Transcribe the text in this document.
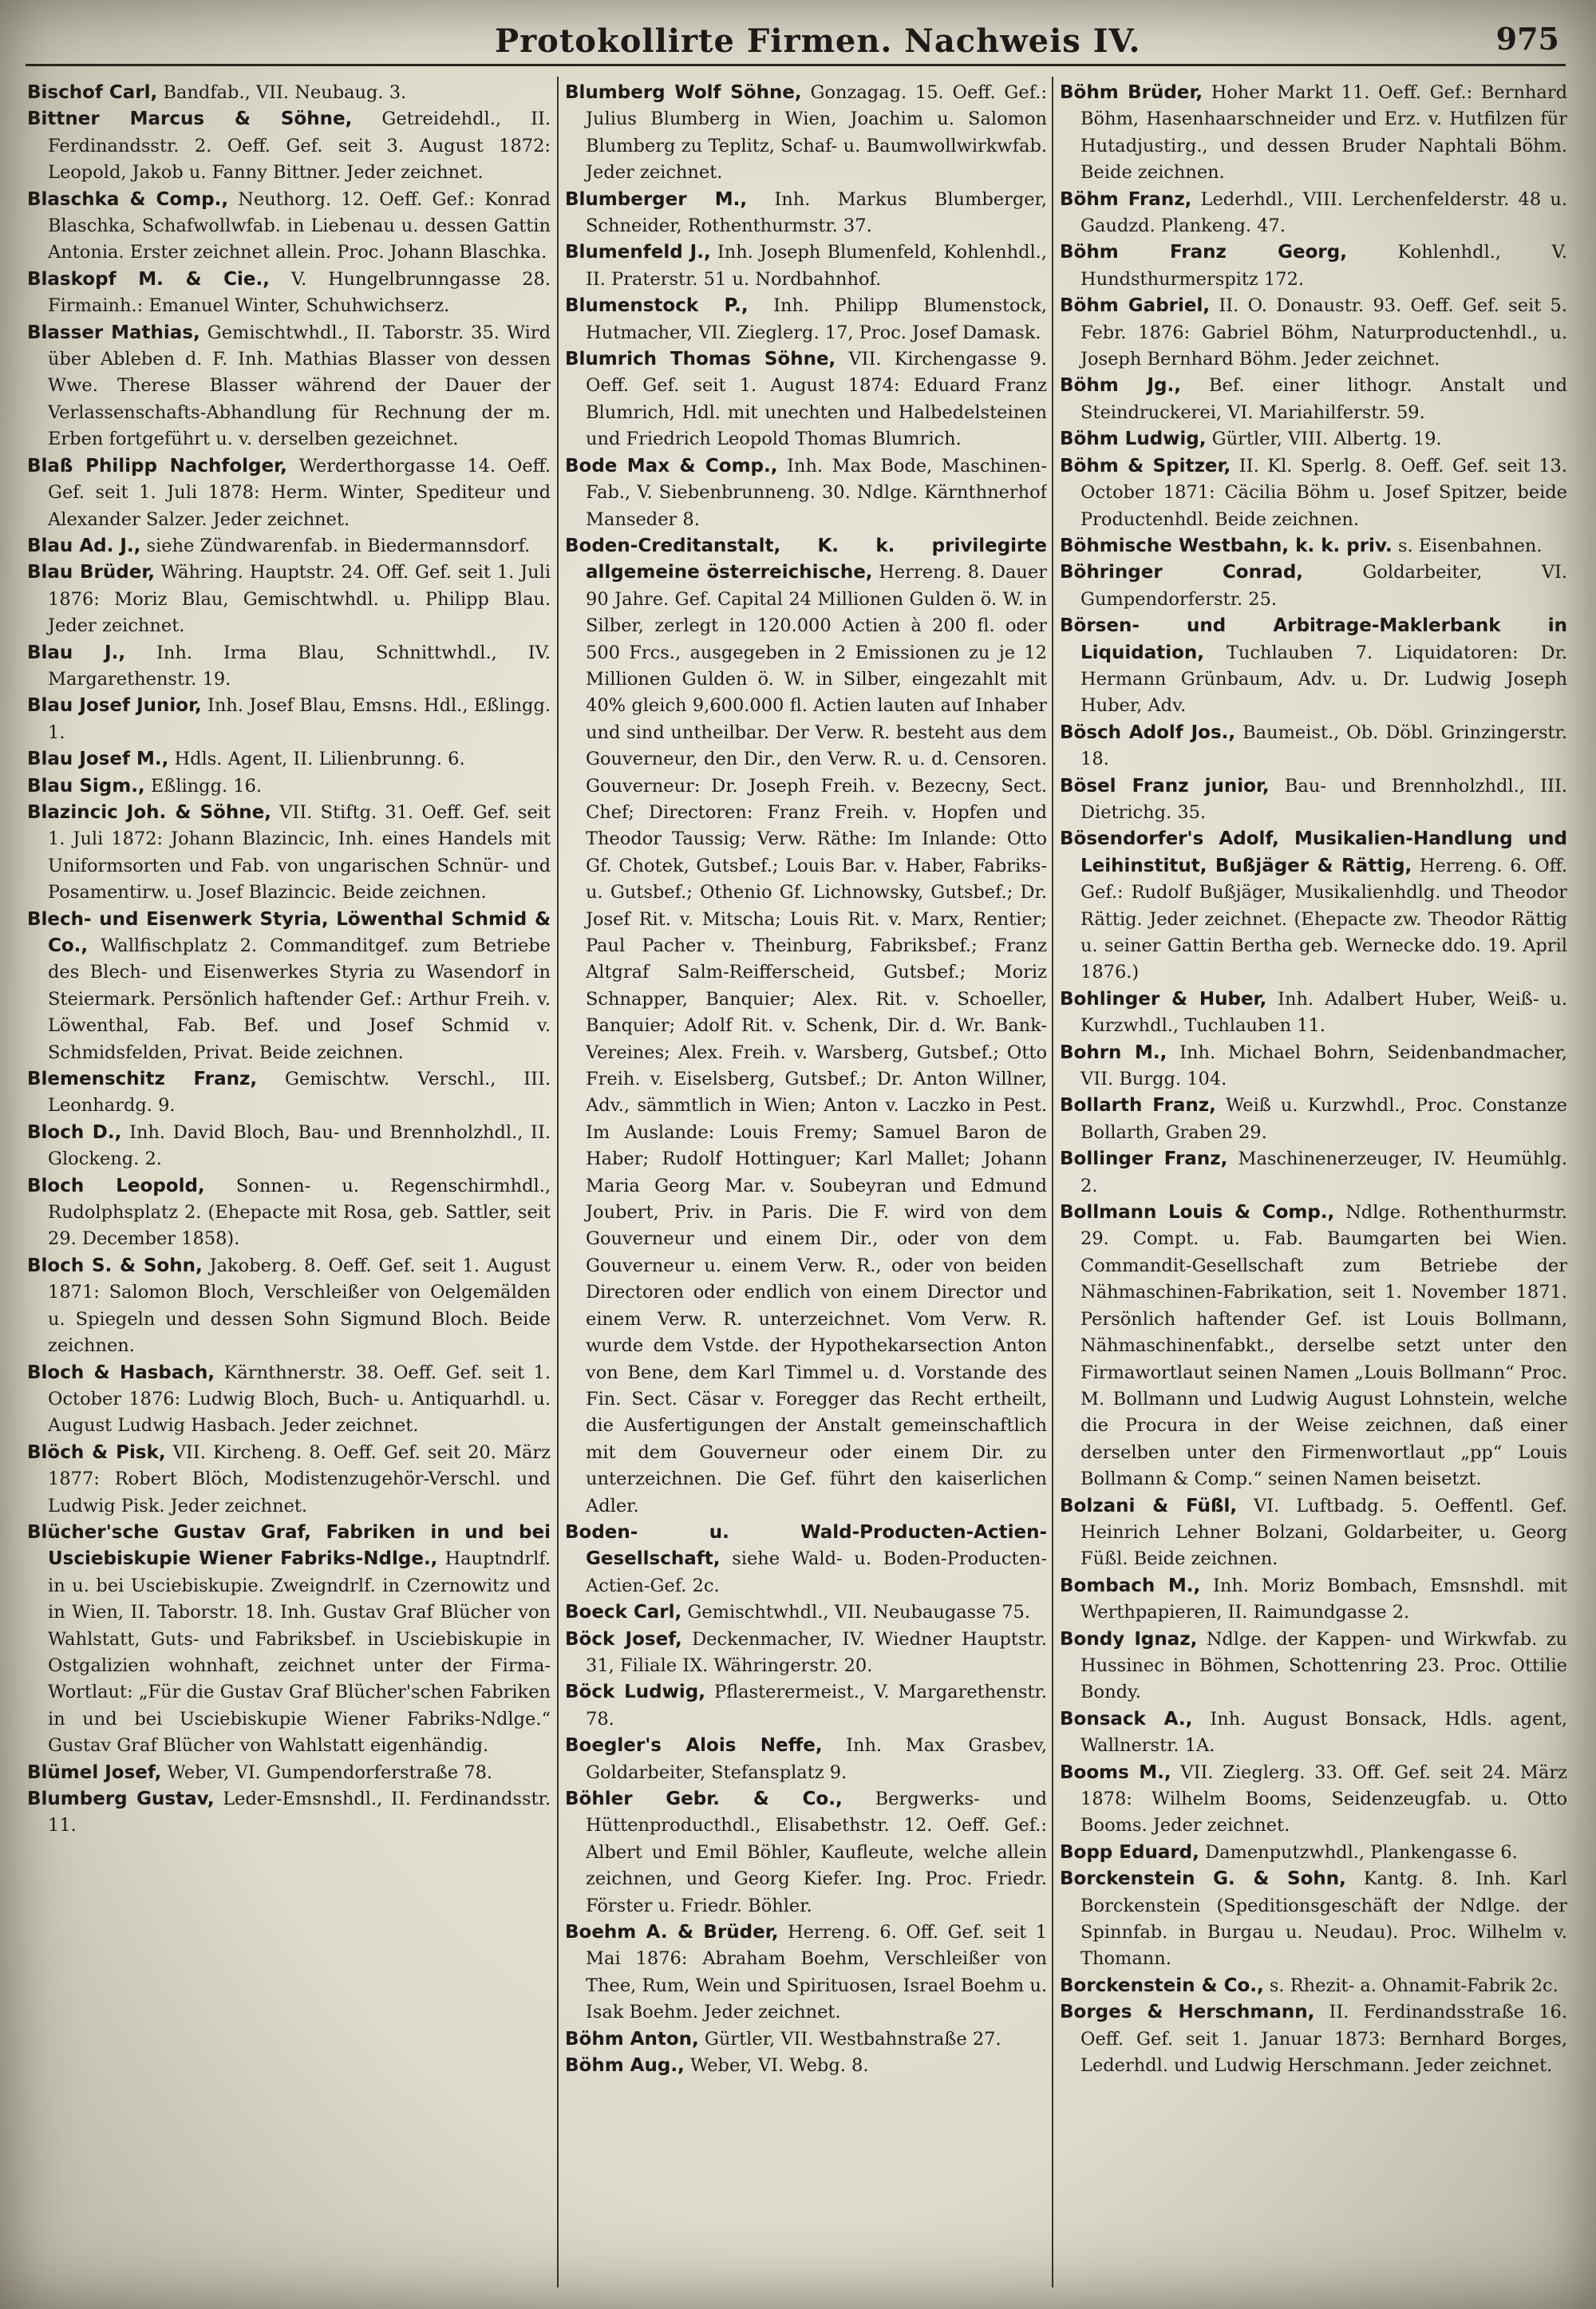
Protokollirte Firmen. Nachweis IV.	975

Bischof Carl, Bandfab., VII. Neubaug. 3.

Bittner Marcus & Söhne, Getreidehdl., II. Ferdinandsstr. 2. Oeff. Gef. seit 3. August 1872: Leopold, Jakob u. Fanny Bittner. Jeder zeichnet.

Blaschka & Comp., Neuthorg. 12. Oeff. Gef.: Konrad Blaschka, Schafwollwfab. in Liebenau u. dessen Gattin Antonia. Erster zeichnet allein. Proc. Johann Blaschka.

Blaskopf M. & Cie., V. Hungelbrunngasse 28. Firmainh.: Emanuel Winter, Schuhwichserz.

Blasser Mathias, Gemischtwhdl., II. Taborstr. 35. Wird über Ableben d. F. Inh. Mathias Blasser von dessen Wwe. Therese Blasser während der Dauer der Verlassenschafts-Abhandlung für Rechnung der m. Erben fortgeführt u. v. derselben gezeichnet.

Blaß Philipp Nachfolger, Werderthorgasse 14. Oeff. Gef. seit 1. Juli 1878: Herm. Winter, Spediteur und Alexander Salzer. Jeder zeichnet.

Blau Ad. J., siehe Zündwarenfab. in Biedermannsdorf.

Blau Brüder, Währing. Hauptstr. 24. Off. Gef. seit 1. Juli 1876: Moriz Blau, Gemischtwhdl. u. Philipp Blau. Jeder zeichnet.

Blau J., Inh. Irma Blau, Schnittwhdl., IV. Margarethenstr. 19.

Blau Josef Junior, Inh. Josef Blau, Emsns. Hdl., Eßlingg. 1.

Blau Josef M., Hdls. Agent, II. Lilienbrunng. 6.

Blau Sigm., Eßlingg. 16.

Blazincic Joh. & Söhne, VII. Stiftg. 31. Oeff. Gef. seit 1. Juli 1872: Johann Blazincic, Inh. eines Handels mit Uniformsorten und Fab. von ungarischen Schnür- und Posamentirw. u. Josef Blazincic. Beide zeichnen.

Blech- und Eisenwerk Styria, Löwenthal Schmid & Co., Wallfischplatz 2. Commanditgef. zum Betriebe des Blech- und Eisenwerkes Styria zu Wasendorf in Steiermark. Persönlich haftender Gef.: Arthur Freih. v. Löwenthal, Fab. Bef. und Josef Schmid v. Schmidsfelden, Privat. Beide zeichnen.

Blemenschitz Franz, Gemischtw. Verschl., III. Leonhardg. 9.

Bloch D., Inh. David Bloch, Bau- und Brennholzhdl., II. Glockeng. 2.

Bloch Leopold, Sonnen- u. Regenschirmhdl., Rudolphsplatz 2. (Ehepacte mit Rosa, geb. Sattler, seit 29. December 1858).

Bloch S. & Sohn, Jakoberg. 8. Oeff. Gef. seit 1. August 1871: Salomon Bloch, Verschleißer von Oelgemälden u. Spiegeln und dessen Sohn Sigmund Bloch. Beide zeichnen.

Bloch & Hasbach, Kärnthnerstr. 38. Oeff. Gef. seit 1. October 1876: Ludwig Bloch, Buch- u. Antiquarhdl. u. August Ludwig Hasbach. Jeder zeichnet.

Blöch & Pisk, VII. Kircheng. 8. Oeff. Gef. seit 20. März 1877: Robert Blöch, Modistenzugehör-Verschl. und Ludwig Pisk. Jeder zeichnet.

Blücher'sche Gustav Graf, Fabriken in und bei Usciebiskupie Wiener Fabriks-Ndlge., Hauptndrlf. in u. bei Usciebiskupie. Zweigndrlf. in Czernowitz und in Wien, II. Taborstr. 18. Inh. Gustav Graf Blücher von Wahlstatt, Guts- und Fabriksbef. in Usciebiskupie in Ostgalizien wohnhaft, zeichnet unter der Firma-Wortlaut: „Für die Gustav Graf Blücher'schen Fabriken in und bei Usciebiskupie Wiener Fabriks-Ndlge.“ Gustav Graf Blücher von Wahlstatt eigenhändig.

Blümel Josef, Weber, VI. Gumpendorferstraße 78.

Blumberg Gustav, Leder-Emsnshdl., II. Ferdinandsstr. 11.

Blumberg Wolf Söhne, Gonzagag. 15. Oeff. Gef.: Julius Blumberg in Wien, Joachim u. Salomon Blumberg zu Teplitz, Schaf- u. Baumwollwirkwfab. Jeder zeichnet.

Blumberger M., Inh. Markus Blumberger, Schneider, Rothenthurmstr. 37.

Blumenfeld J., Inh. Joseph Blumenfeld, Kohlenhdl., II. Praterstr. 51 u. Nordbahnhof.

Blumenstock P., Inh. Philipp Blumenstock, Hutmacher, VII. Zieglerg. 17, Proc. Josef Damask.

Blumrich Thomas Söhne, VII. Kirchengasse 9. Oeff. Gef. seit 1. August 1874: Eduard Franz Blumrich, Hdl. mit unechten und Halbedelsteinen und Friedrich Leopold Thomas Blumrich.

Bode Max & Comp., Inh. Max Bode, Maschinen-Fab., V. Siebenbrunneng. 30. Ndlge. Kärnthnerhof Manseder 8.

Boden-Creditanstalt, K. k. privilegirte allgemeine österreichische, Herreng. 8. Dauer 90 Jahre. Gef. Capital 24 Millionen Gulden ö. W. in Silber, zerlegt in 120.000 Actien à 200 fl. oder 500 Frcs., ausgegeben in 2 Emissionen zu je 12 Millionen Gulden ö. W. in Silber, eingezahlt mit 40% gleich 9,600.000 fl. Actien lauten auf Inhaber und sind untheilbar. Der Verw. R. besteht aus dem Gouverneur, den Dir., den Verw. R. u. d. Censoren. Gouverneur: Dr. Joseph Freih. v. Bezecny, Sect. Chef; Directoren: Franz Freih. v. Hopfen und Theodor Taussig; Verw. Räthe: Im Inlande: Otto Gf. Chotek, Gutsbef.; Louis Bar. v. Haber, Fabriks- u. Gutsbef.; Othenio Gf. Lichnowsky, Gutsbef.; Dr. Josef Rit. v. Mitscha; Louis Rit. v. Marx, Rentier; Paul Pacher v. Theinburg, Fabriksbef.; Franz Altgraf Salm-Reifferscheid, Gutsbef.; Moriz Schnapper, Banquier; Alex. Rit. v. Schoeller, Banquier; Adolf Rit. v. Schenk, Dir. d. Wr. Bank-Vereines; Alex. Freih. v. Warsberg, Gutsbef.; Otto Freih. v. Eiselsberg, Gutsbef.; Dr. Anton Willner, Adv., sämmtlich in Wien; Anton v. Laczko in Pest. Im Auslande: Louis Fremy; Samuel Baron de Haber; Rudolf Hottinguer; Karl Mallet; Johann Maria Georg Mar. v. Soubeyran und Edmund Joubert, Priv. in Paris. Die F. wird von dem Gouverneur und einem Dir., oder von dem Gouverneur u. einem Verw. R., oder von beiden Directoren oder endlich von einem Director und einem Verw. R. unterzeichnet. Vom Verw. R. wurde dem Vstde. der Hypothekarsection Anton von Bene, dem Karl Timmel u. d. Vorstande des Fin. Sect. Cäsar v. Foregger das Recht ertheilt, die Ausfertigungen der Anstalt gemeinschaftlich mit dem Gouverneur oder einem Dir. zu unterzeichnen. Die Gef. führt den kaiserlichen Adler.

Boden- u. Wald-Producten-Actien-Gesellschaft, siehe Wald- u. Boden-Producten-Actien-Gef. 2c.

Boeck Carl, Gemischtwhdl., VII. Neubaugasse 75.

Böck Josef, Deckenmacher, IV. Wiedner Hauptstr. 31, Filiale IX. Währingerstr. 20.

Böck Ludwig, Pflasterermeist., V. Margarethenstr. 78.

Boegler's Alois Neffe, Inh. Max Grasbev, Goldarbeiter, Stefansplatz 9.

Böhler Gebr. & Co., Bergwerks- und Hüttenproducthdl., Elisabethstr. 12. Oeff. Gef.: Albert und Emil Böhler, Kaufleute, welche allein zeichnen, und Georg Kiefer. Ing. Proc. Friedr. Förster u. Friedr. Böhler.

Boehm A. & Brüder, Herreng. 6. Off. Gef. seit 1 Mai 1876: Abraham Boehm, Verschleißer von Thee, Rum, Wein und Spirituosen, Israel Boehm u. Isak Boehm. Jeder zeichnet.

Böhm Anton, Gürtler, VII. Westbahnstraße 27.

Böhm Aug., Weber, VI. Webg. 8.

Böhm Brüder, Hoher Markt 11. Oeff. Gef.: Bernhard Böhm, Hasenhaarschneider und Erz. v. Hutfilzen für Hutadjustirg., und dessen Bruder Naphtali Böhm. Beide zeichnen.

Böhm Franz, Lederhdl., VIII. Lerchenfelderstr. 48 u. Gaudzd. Plankeng. 47.

Böhm Franz Georg,	Kohlenhdl., V. Hundsthurmerspitz 172.

Böhm Gabriel, II. O. Donaustr. 93. Oeff. Gef. seit 5. Febr. 1876: Gabriel Böhm, Naturproductenhdl., u. Joseph Bernhard Böhm. Jeder zeichnet.

Böhm Jg., Bef. einer lithogr. Anstalt und Steindruckerei, VI. Mariahilferstr. 59.

Böhm Ludwig, Gürtler, VIII. Albertg. 19.

Böhm & Spitzer, II. Kl. Sperlg. 8. Oeff. Gef. seit 13. October 1871: Cäcilia Böhm u. Josef Spitzer, beide Productenhdl. Beide zeichnen.

Böhmische Westbahn, k. k. priv. s. Eisenbahnen.

Böhringer Conrad,	Goldarbeiter, VI. Gumpendorferstr. 25.

Börsen- und Arbitrage-Maklerbank in Liquidation, Tuchlauben 7. Liquidatoren: Dr. Hermann Grünbaum, Adv. u. Dr. Ludwig Joseph Huber, Adv.

Bösch Adolf Jos., Baumeist., Ob. Döbl. Grinzingerstr. 18.

Bösel Franz junior, Bau- und Brennholzhdl., III. Dietrichg. 35.

Bösendorfer's Adolf, Musikalien-Handlung und Leihinstitut, Bußjäger & Rättig, Herreng. 6. Off. Gef.: Rudolf Bußjäger, Musikalienhdlg. und Theodor Rättig. Jeder zeichnet. (Ehepacte zw. Theodor Rättig u. seiner Gattin Bertha geb. Wernecke ddo. 19. April 1876.)

Bohlinger & Huber, Inh. Adalbert Huber, Weiß- u. Kurzwhdl., Tuchlauben 11.

Bohrn M., Inh. Michael Bohrn, Seidenbandmacher, VII. Burgg. 104.

Bollarth Franz, Weiß u. Kurzwhdl., Proc. Constanze Bollarth, Graben 29.

Bollinger Franz, Maschinenerzeuger, IV. Heumühlg. 2.

Bollmann Louis & Comp., Ndlge. Rothenthurmstr. 29. Compt. u. Fab. Baumgarten bei Wien. Commandit-Gesellschaft zum Betriebe der Nähmaschinen-Fabrikation, seit 1. November 1871. Persönlich haftender Gef. ist Louis Bollmann, Nähmaschinenfabkt., derselbe setzt unter den Firmawortlaut seinen Namen „Louis Bollmann“ Proc. M. Bollmann und Ludwig August Lohnstein, welche die Procura in der Weise zeichnen, daß einer derselben unter den Firmenwortlaut „pp“ Louis Bollmann & Comp.“ seinen Namen beisetzt.

Bolzani & Füßl, VI. Luftbadg. 5. Oeffentl. Gef. Heinrich Lehner Bolzani, Goldarbeiter, u. Georg Füßl. Beide zeichnen.

Bombach M., Inh. Moriz Bombach, Emsnshdl. mit Werthpapieren, II. Raimundgasse 2.

Bondy Ignaz, Ndlge. der Kappen- und Wirkwfab. zu Hussinec in Böhmen, Schottenring 23. Proc. Ottilie Bondy.

Bonsack A., Inh. August Bonsack, Hdls. agent, Wallnerstr. 1A.

Booms M., VII. Zieglerg. 33. Off. Gef. seit 24. März 1878: Wilhelm Booms, Seidenzeugfab. u. Otto Booms. Jeder zeichnet.

Bopp Eduard, Damenputzwhdl., Plankengasse 6.

Borckenstein G. & Sohn, Kantg. 8. Inh. Karl Borckenstein (Speditionsgeschäft der Ndlge. der Spinnfab. in Burgau u. Neudau). Proc. Wilhelm v. Thomann.

Borckenstein & Co., s. Rhezit- a. Ohnamit-Fabrik 2c.

Borges & Herschmann, II. Ferdinandsstraße 16. Oeff. Gef. seit 1. Januar 1873: Bernhard Borges, Lederhdl. und Ludwig Herschmann. Jeder zeichnet.
